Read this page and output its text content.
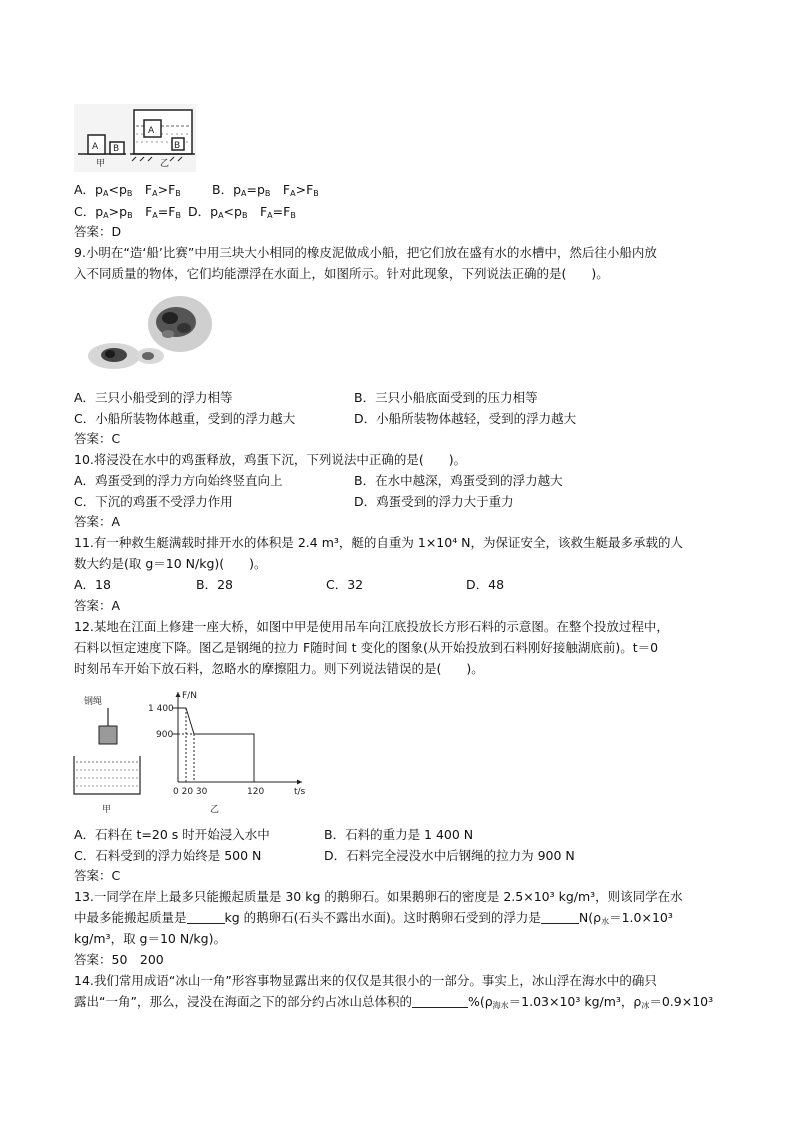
A B
甲
A
B
乙
A．$p_A<p_B$　$F_A>F_B$ B．$p_A=p_B$　$F_A>F_B$
C．$p_A>p_B$　$F_A=F_B$ D．$p_A<p_B$　$F_A=F_B$
答案：D
9.小明在“造‘船’比赛”中用三块大小相同的橡皮泥做成小船，把它们放在盛有水的水槽中，然后往小船内放
入不同质量的物体，它们均能漂浮在水面上，如图所示。针对此现象，下列说法正确的是(　　)。
A．三只小船受到的浮力相等	B．三只小船底面受到的压力相等
C．小船所装物体越重，受到的浮力越大	D．小船所装物体越轻，受到的浮力越大
答案：C
10.将浸没在水中的鸡蛋释放，鸡蛋下沉，下列说法中正确的是(　　)。
A．鸡蛋受到的浮力方向始终竖直向上	B．在水中越深，鸡蛋受到的浮力越大
C．下沉的鸡蛋不受浮力作用	D．鸡蛋受到的浮力大于重力
答案：A
11.有一种救生艇满载时排开水的体积是 2.4 m³，艇的自重为 1×10⁴ N，为保证安全，该救生艇最多承载的人
数大约是(取 g＝10 N/kg)(　　)。
A．18	B．28	C．32	D．48
答案：A
12.某地在江面上修建一座大桥，如图中甲是使用吊车向江底投放长方形石料的示意图。在整个投放过程中，
石料以恒定速度下降。图乙是钢绳的拉力 F随时间 t 变化的图象(从开始投放到石料刚好接触湖底前)。t＝0
时刻吊车开始下放石料，忽略水的摩擦阻力。则下列说法错误的是(　　)。
钢绳
甲
F/N
t/s
1 400
900
0 20 30	120
乙
A．石料在 t=20 s 时开始浸入水中	B．石料的重力是 1 400 N
C．石料受到的浮力始终是 500 N	D．石料完全浸没水中后钢绳的拉力为 900 N
答案：C
13.一同学在岸上最多只能搬起质量是 30 kg 的鹅卵石。如果鹅卵石的密度是 2.5×10³ kg/m³，则该同学在水
中最多能搬起质量是	kg 的鹅卵石(石头不露出水面)。这时鹅卵石受到的浮力是	$N(\rho_水=1.0\times 10^3$
kg/m³，取 g＝10 N/kg)。
答案：50　200
14.我们常用成语“冰山一角”形容事物显露出来的仅仅是其很小的一部分。事实上，冰山浮在海水中的确只
露出“一角”，那么，浸没在海面之下的部分约占冰山总体积的	$\%(\rho_{海水}=1.03\times 10^3$ kg/m³，$\rho_冰=0.9\times 10^3$
